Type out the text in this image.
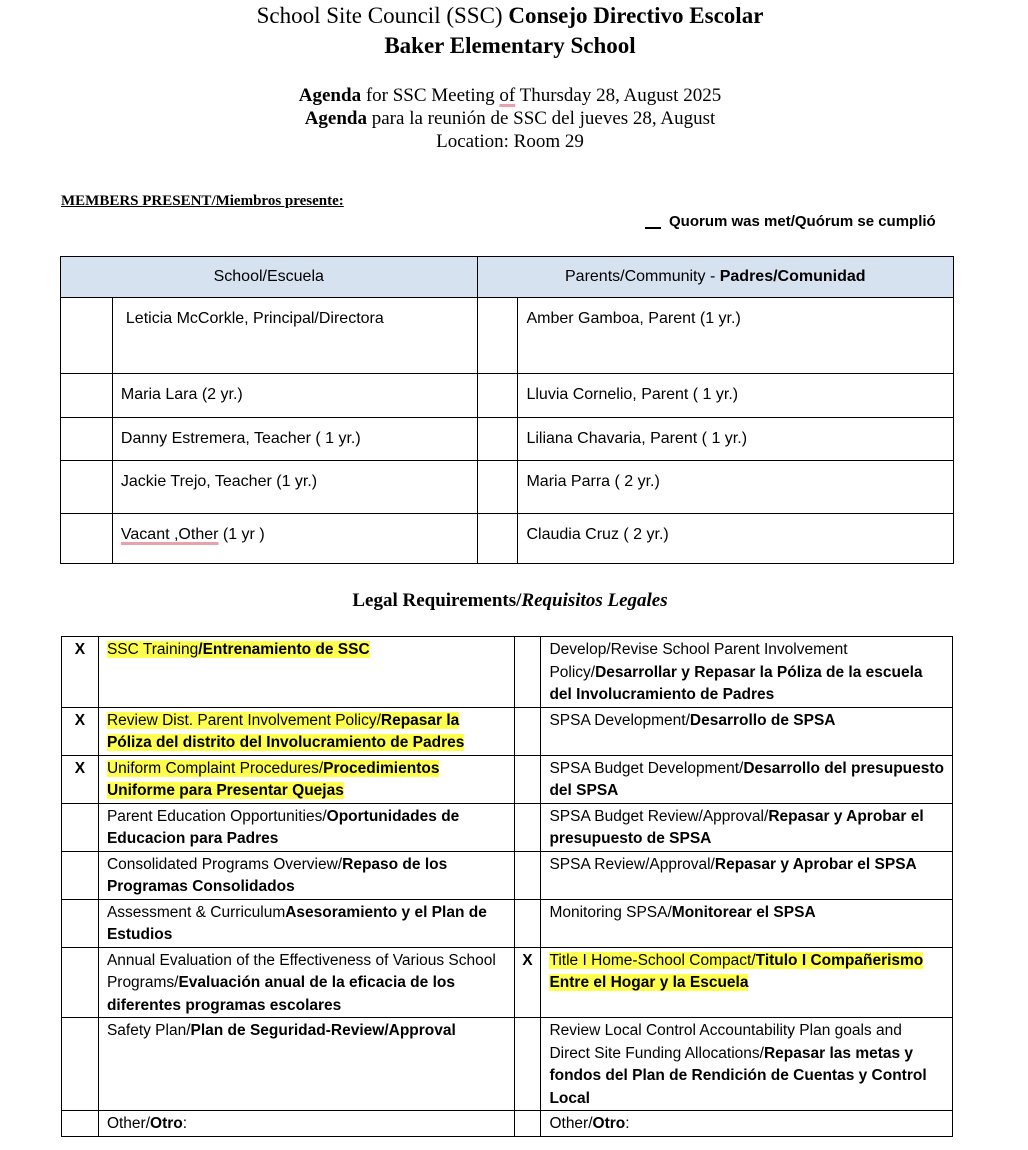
School Site Council (SSC) Consejo Directivo Escolar
Baker Elementary School
Agenda for SSC Meeting of Thursday 28, August 2025
Agenda para la reunión de SSC del jueves 28, August
Location: Room 29
MEMBERS PRESENT/Miembros presente:
Quorum was met/Quórum se cumplió
School/Escuela		Parents/Community - Padres/Comunidad	
	Leticia McCorkle, Principal/Directora		Amber Gamboa, Parent (1 yr.)
	Maria Lara (2 yr.)		Lluvia Cornelio, Parent ( 1 yr.)
	Danny Estremera, Teacher ( 1 yr.)		Liliana Chavaria, Parent ( 1 yr.)
	Jackie Trejo, Teacher (1 yr.)		Maria Parra ( 2 yr.)
	Vacant ,Other (1 yr )		Claudia Cruz ( 2 yr.)
Legal Requirements/Requisitos Legales
X	SSC Training/Entrenamiento de SSC		Develop/Revise School Parent Involvement Policy/Desarrollar y Repasar la Póliza de la escuela del Involucramiento de Padres
X	Review Dist. Parent Involvement Policy/Repasar la Póliza del distrito del Involucramiento de Padres		SPSA Development/Desarrollo de SPSA
X	Uniform Complaint Procedures/Procedimientos Uniforme para Presentar Quejas		SPSA Budget Development/Desarrollo del presupuesto del SPSA
	Parent Education Opportunities/Oportunidades de Educacion para Padres		SPSA Budget Review/Approval/Repasar y Aprobar el presupuesto de SPSA
	Consolidated Programs Overview/Repaso de los Programas Consolidados		SPSA Review/Approval/Repasar y Aprobar el SPSA
	Assessment & CurriculumAsesoramiento y el Plan de Estudios		Monitoring SPSA/Monitorear el SPSA
	Annual Evaluation of the Effectiveness of Various School Programs/Evaluación anual de la eficacia de los diferentes programas escolares	X	Title I Home-School Compact/Titulo I Compañerismo Entre el Hogar y la Escuela
	Safety Plan/Plan de Seguridad-Review/Approval		Review Local Control Accountability Plan goals and Direct Site Funding Allocations/Repasar las metas y fondos del Plan de Rendición de Cuentas y Control Local
	Other/Otro:		Other/Otro:
